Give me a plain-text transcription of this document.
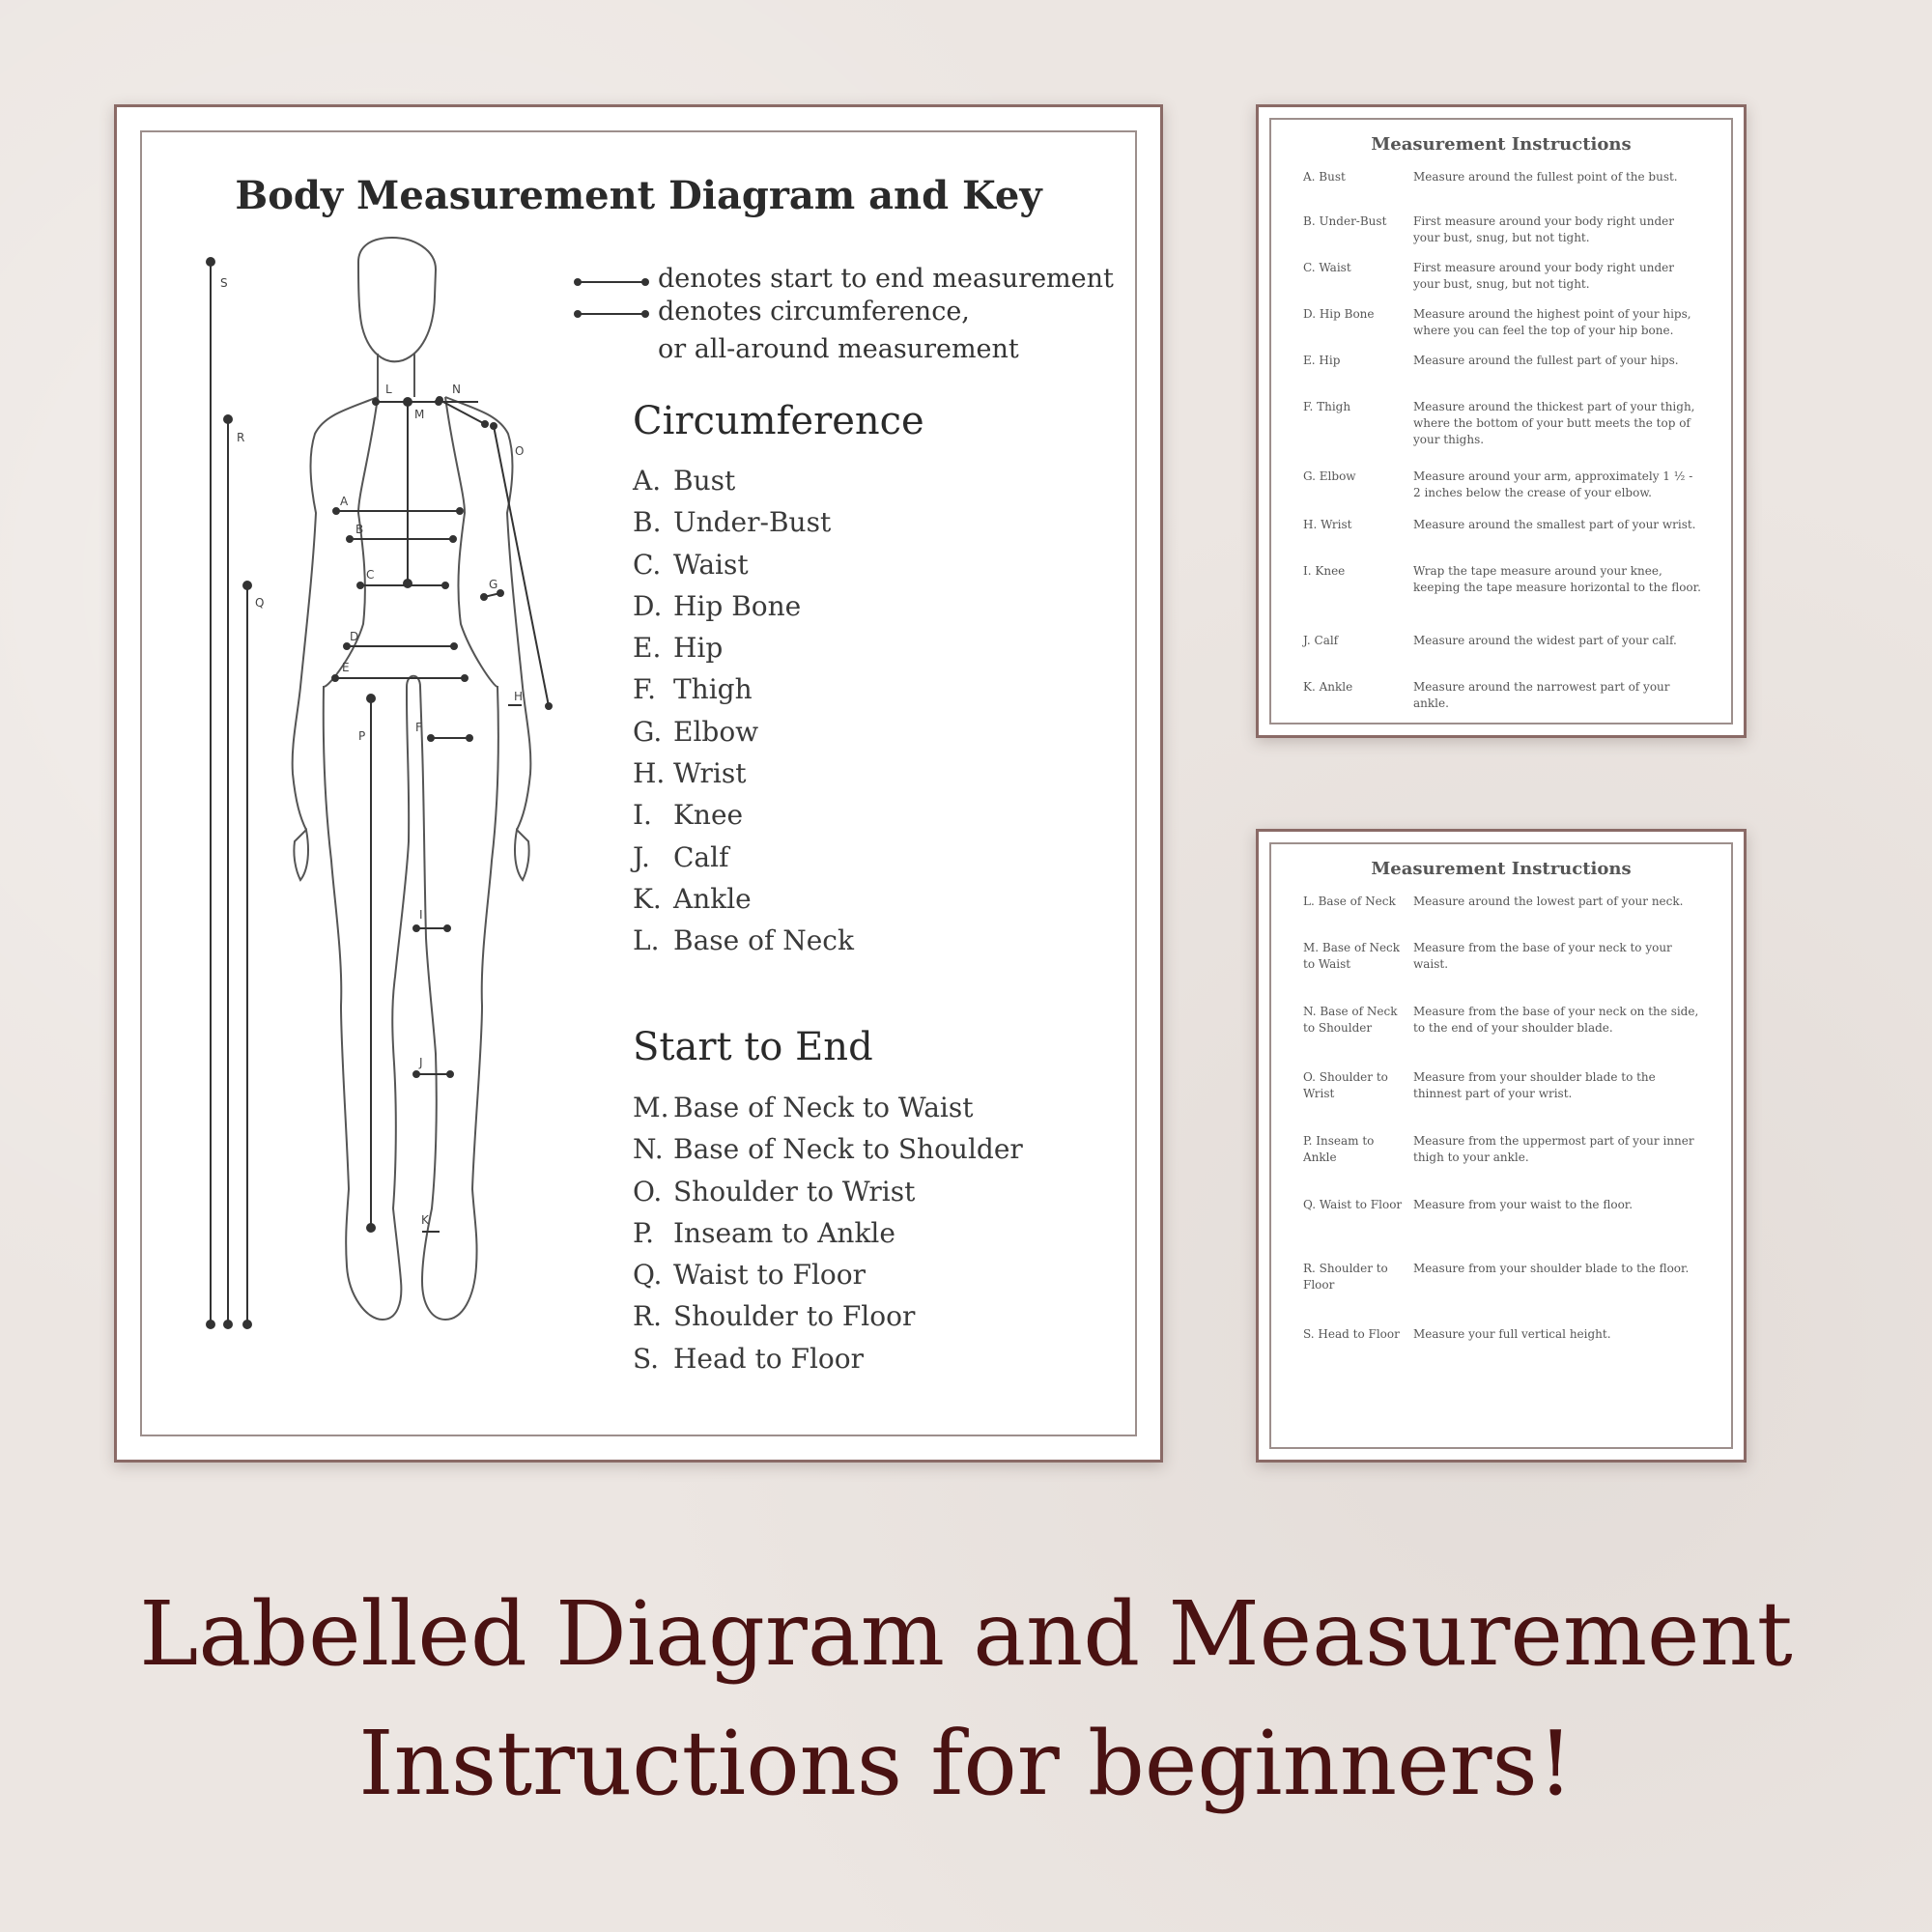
Body Measurement Diagram and Key
denotes start to end measurement
denotes circumference,
or all-around measurement
S
R
Q
L
M
N
O
A
B
C
G
D
E
H
P
F
I
J
K
Circumference
A. Bust
B. Under-Bust
C. Waist
D. Hip Bone
E. Hip
F. Thigh
G. Elbow
H. Wrist
I. Knee
J. Calf
K. Ankle
L. Base of Neck
Start to End
M. Base of Neck to Waist
N. Base of Neck to Shoulder
O. Shoulder to Wrist
P. Inseam to Ankle
Q. Waist to Floor
R. Shoulder to Floor
S. Head to Floor
Measurement Instructions
A. Bust	Measure around the fullest point of the bust.
B. Under-Bust	First measure around your body right under your bust, snug, but not tight.
C. Waist	First measure around your body right under your bust, snug, but not tight.
D. Hip Bone	Measure around the highest point of your hips, where you can feel the top of your hip bone.
E. Hip	Measure around the fullest part of your hips.
F. Thigh	Measure around the thickest part of your thigh, where the bottom of your butt meets the top of your thighs.
G. Elbow	Measure around your arm, approximately 1 ½ - 2 inches below the crease of your elbow.
H. Wrist	Measure around the smallest part of your wrist.
I. Knee	Wrap the tape measure around your knee, keeping the tape measure horizontal to the floor.
J. Calf	Measure around the widest part of your calf.
K. Ankle	Measure around the narrowest part of your ankle.
Measurement Instructions
L. Base of Neck	Measure around the lowest part of your neck.
M. Base of Neck to Waist
Measure from the base of your neck to your waist.
N. Base of Neck to Shoulder
Measure from the base of your neck on the side, to the end of your shoulder blade.
O. Shoulder to Wrist
Measure from your shoulder blade to the thinnest part of your wrist.
P. Inseam to Ankle
Measure from the uppermost part of your inner thigh to your ankle.
Q. Waist to Floor Measure from your waist to the floor.
R. Shoulder to Floor
Measure from your shoulder blade to the floor.
S. Head to Floor	Measure your full vertical height.
Labelled Diagram and Measurement
Instructions for beginners!
